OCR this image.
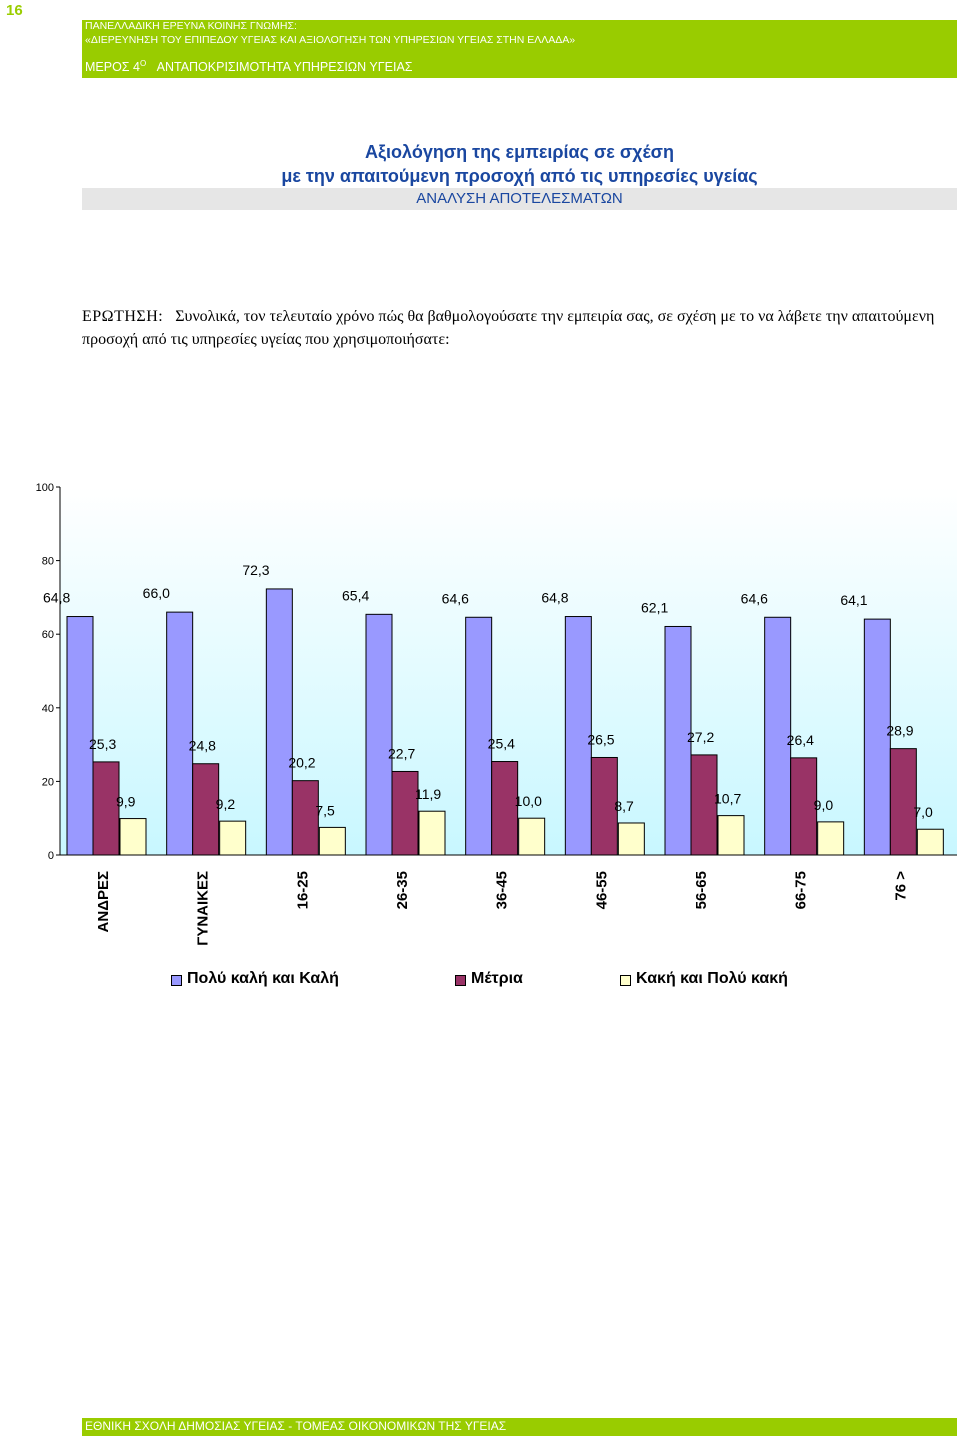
16
ΠΑΝΕΛΛΑΔΙΚΗ ΕΡΕΥΝΑ ΚΟΙΝΗΣ ΓΝΩΜΗΣ:
«ΔΙΕΡΕΥΝΗΣΗ ΤΟΥ ΕΠΙΠΕΔΟΥ ΥΓΕΙΑΣ ΚΑΙ ΑΞΙΟΛΟΓΗΣΗ ΤΩΝ ΥΠΗΡΕΣΙΩΝ ΥΓΕΙΑΣ ΣΤΗΝ ΕΛΛΑΔΑ»
ΜΕΡΟΣ $4^O$ ΑΝΤΑΠΟΚΡΙΣΙΜΟΤΗΤΑ ΥΠΗΡΕΣΙΩΝ ΥΓΕΙΑΣ
Αξιολόγηση της εμπειρίας σε σχέση
με την απαιτούμενη προσοχή από τις υπηρεσίες υγείας
ΑΝΑΛΥΣΗ ΑΠΟΤΕΛΕΣΜΑΤΩΝ
ΕΡΩΤΗΣΗ: Συνολικά, τον τελευταίο χρόνο πώς θα βαθμολογούσατε την εμπειρία σας, σε σχέση με το να λάβετε την απαιτούμενη προσοχή από τις υπηρεσίες υγείας που χρησιμοποιήσατε:
0
20
40
60
80
100
64,8
25,3
9,9
ΑΝΔΡΕΣ
66,0
24,8
9,2
ΓΥΝΑΙΚΕΣ
72,3
20,2
7,5
16-25
65,4
22,7
11,9
26-35
64,6
25,4
10,0
36-45
64,8
26,5
8,7
46-55
62,1
27,2
10,7
56-65
64,6
26,4
9,0
66-75
64,1
28,9
7,0
76 >
Πολύ καλή και Καλή	Μέτρια	Κακή και Πολύ κακή
ΕΘΝΙΚΗ ΣΧΟΛΗ ΔΗΜΟΣΙΑΣ ΥΓΕΙΑΣ - ΤΟΜΕΑΣ ΟΙΚΟΝΟΜΙΚΩΝ ΤΗΣ ΥΓΕΙΑΣ
